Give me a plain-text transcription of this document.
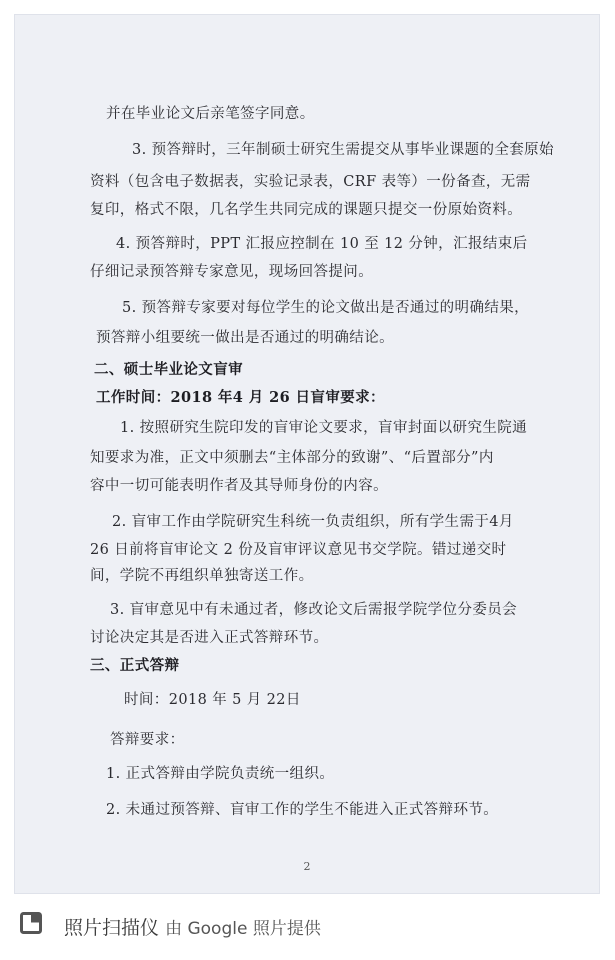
并在毕业论文后亲笔签字同意。
3. 预答辩时，三年制硕士研究生需提交从事毕业课题的全套原始
资料（包含电子数据表，实验记录表，CRF 表等）一份备查，无需
复印，格式不限，几名学生共同完成的课题只提交一份原始资料。
4. 预答辩时，PPT 汇报应控制在 10 至 12 分钟，汇报结束后
仔细记录预答辩专家意见，现场回答提问。
5. 预答辩专家要对每位学生的论文做出是否通过的明确结果，
预答辩小组要统一做出是否通过的明确结论。
二、硕士毕业论文盲审
工作时间：2018 年4 月 26 日盲审要求：
1. 按照研究生院印发的盲审论文要求，盲审封面以研究生院通
知要求为准，正文中须删去“主体部分的致谢”、“后置部分”内
容中一切可能表明作者及其导师身份的内容。
2. 盲审工作由学院研究生科统一负责组织，所有学生需于4月
26 日前将盲审论文 2 份及盲审评议意见书交学院。错过递交时
间，学院不再组织单独寄送工作。
3. 盲审意见中有未通过者，修改论文后需报学院学位分委员会
讨论决定其是否进入正式答辩环节。
三、正式答辩
时间：2018 年 5 月 22日
答辩要求：
1. 正式答辩由学院负责统一组织。
2. 未通过预答辩、盲审工作的学生不能进入正式答辩环节。
2
照片扫描仪 由 Google 照片提供
